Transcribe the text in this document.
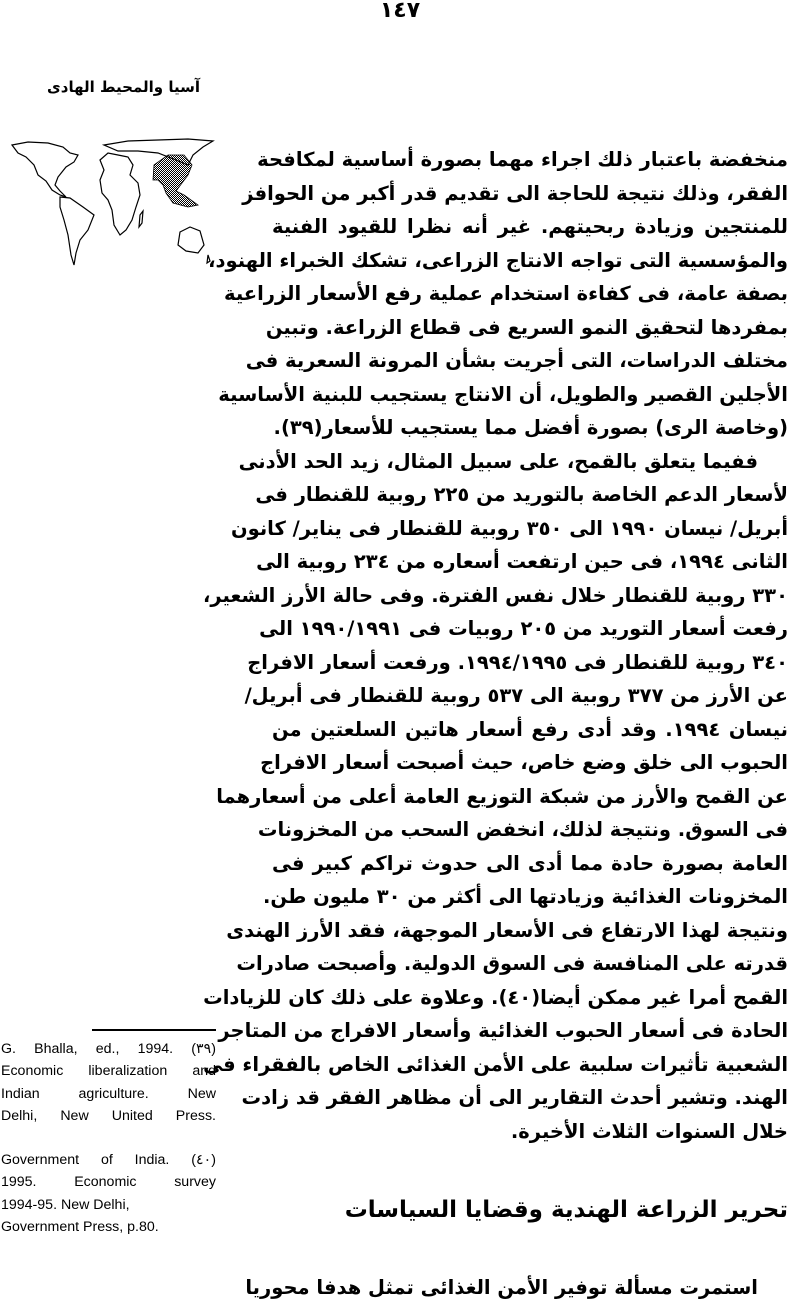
١٤٧
آسيا والمحيط الهادى
منخفضة باعتبار ذلك اجراء مهما بصورة أساسية لمكافحة
الفقر، وذلك نتيجة للحاجة الى تقديم قدر أكبر من الحوافز
للمنتجين وزيادة ربحيتهم. غير أنه نظرا للقيود الفنية
والمؤسسية التى تواجه الانتاج الزراعى، تشكك الخبراء الهنود،
بصفة عامة، فى كفاءة استخدام عملية رفع الأسعار الزراعية
بمفردها لتحقيق النمو السريع فى قطاع الزراعة. وتبين
مختلف الدراسات، التى أجريت بشأن المرونة السعرية فى
الأجلين القصير والطويل، أن الانتاج يستجيب للبنية الأساسية
(وخاصة الرى) بصورة أفضل مما يستجيب للأسعار(٣٩).
ففيما يتعلق بالقمح، على سبيل المثال، زيد الحد الأدنى
لأسعار الدعم الخاصة بالتوريد من ٢٢٥ روبية للقنطار فى
أبريل/ نيسان ١٩٩٠ الى ٣٥٠ روبية للقنطار فى يناير/ كانون
الثانى ١٩٩٤، فى حين ارتفعت أسعاره من ٢٣٤ روبية الى
٣٣٠ روبية للقنطار خلال نفس الفترة. وفى حالة الأرز الشعير،
رفعت أسعار التوريد من ٢٠٥ روبيات فى ١٩٩٠/١٩٩١ الى
٣٤٠ روبية للقنطار فى ١٩٩٤/١٩٩٥. ورفعت أسعار الافراج
عن الأرز من ٣٧٧ روبية الى ٥٣٧ روبية للقنطار فى أبريل/
نيسان ١٩٩٤. وقد أدى رفع أسعار هاتين السلعتين من
الحبوب الى خلق وضع خاص، حيث أصبحت أسعار الافراج
عن القمح والأرز من شبكة التوزيع العامة أعلى من أسعارهما
فى السوق. ونتيجة لذلك، انخفض السحب من المخزونات
العامة بصورة حادة مما أدى الى حدوث تراكم كبير فى
المخزونات الغذائية وزيادتها الى أكثر من ٣٠ مليون طن.
ونتيجة لهذا الارتفاع فى الأسعار الموجهة، فقد الأرز الهندى
قدرته على المنافسة فى السوق الدولية. وأصبحت صادرات
القمح أمرا غير ممكن أيضا(٤٠). وعلاوة على ذلك كان للزيادات
الحادة فى أسعار الحبوب الغذائية وأسعار الافراج من المتاجر
الشعبية تأثيرات سلبية على الأمن الغذائى الخاص بالفقراء فى
الهند. وتشير أحدث التقارير الى أن مظاهر الفقر قد زادت
خلال السنوات الثلاث الأخيرة.
تحرير الزراعة الهندية وقضايا السياسات
استمرت مسألة توفير الأمن الغذائى تمثل هدفا محوريا

G. Bhalla, ed., 1994. (٣٩)

Economic liberalization and

Indian agriculture. New

Delhi, New United Press.

Government of India. (٤٠)

1995. Economic survey

1994-95. New Delhi,

Government Press, p.80.
